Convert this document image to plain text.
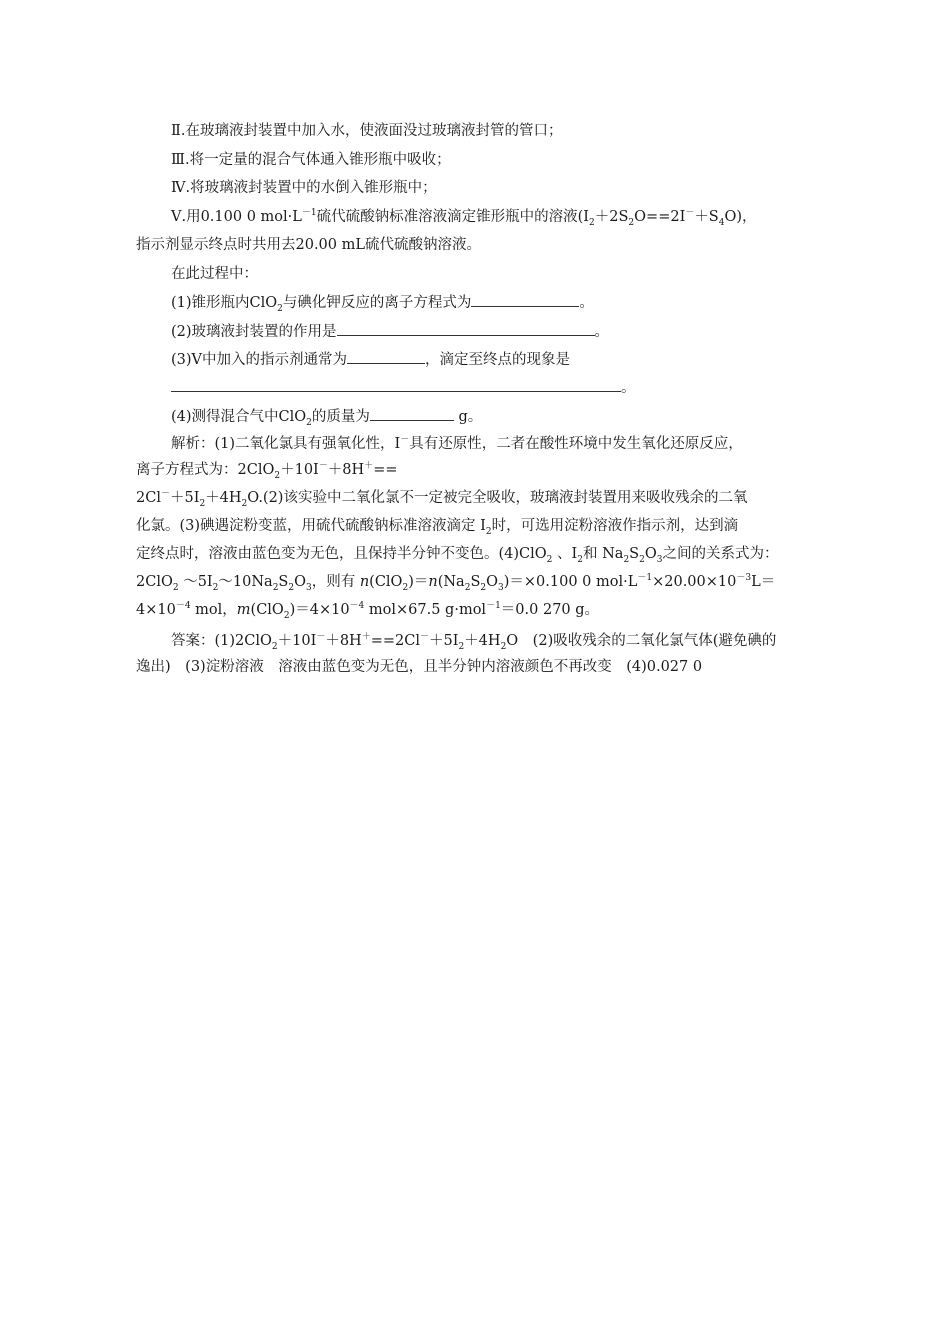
Ⅱ.在玻璃液封装置中加入水，使液面没过玻璃液封管的管口；
Ⅲ.将一定量的混合气体通入锥形瓶中吸收；
Ⅳ.将玻璃液封装置中的水倒入锥形瓶中；
Ⅴ.用0.100 0 $mol\cdot L^{-1}$硫代硫酸钠标准溶液滴定锥形瓶中的溶液$(I_2+2S_2O==2I^-+S_4O)$，
指示剂显示终点时共用去20.00 mL硫代硫酸钠溶液。
在此过程中：
(1)锥形瓶内ClO$_2$与碘化钾反应的离子方程式为	。
(2)玻璃液封装置的作用是	。
(3)Ⅴ中加入的指示剂通常为	，滴定至终点的现象是
。
(4)测得混合气中ClO$_2$的质量为	g。
解析：(1)二氧化氯具有强氧化性，I－具有还原性，二者在酸性环境中发生氧化还原反应，
离子方程式为：2ClO$_2$＋10I－＋8H＋==
$2Cl^-+5I_2+4H_2O.(2)$该实验中二氧化氯不一定被完全吸收，玻璃液封装置用来吸收残余的二氧
化氯。(3)碘遇淀粉变蓝，用硫代硫酸钠标准溶液滴定 $I_2$时，可选用淀粉溶液作指示剂，达到滴
定终点时，溶液由蓝色变为无色，且保持半分钟不变色。(4)ClO$_2$ 、$I_2$和 $Na_2S_2O_3$之间的关系式为：
2ClO$_2$ $\sim 5I_2\sim 10Na_2S_2O_3$，则有 $n(ClO_2)=n(Na_2S_2O_3)=\times 0.100$ 0 $mol\cdot L^{-1}\times 20.00\times 10^{-3}L=$
$4\times 10^{-4}$ mol，$m(ClO_2)=4\times 10^{-4}$ mol×67.5 g·mol$^{-1}$＝0.0 270 g。
答案：$(1)2ClO_2+10I^-+8H^+==2Cl^-+5I_2+4H_2O$　(2)吸收残余的二氧化氯气体(避免碘的
逸出)　(3)淀粉溶液　溶液由蓝色变为无色，且半分钟内溶液颜色不再改变　(4)0.027 0
